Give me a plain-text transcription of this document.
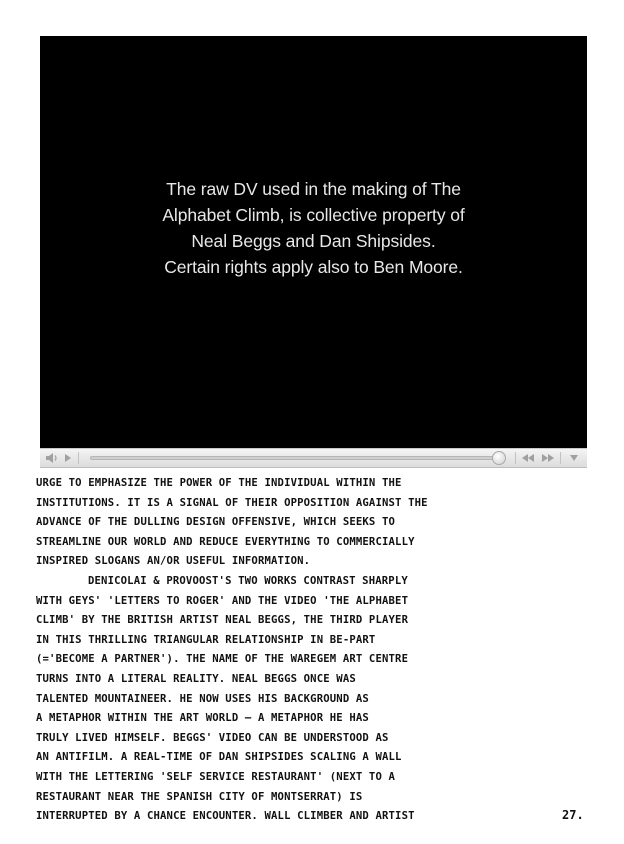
The raw DV used in the making of The
Alphabet Climb, is collective property of
Neal Beggs and Dan Shipsides.
Certain rights apply also to Ben Moore.
URGE TO EMPHASIZE THE POWER OF THE INDIVIDUAL WITHIN THE
INSTITUTIONS. IT IS A SIGNAL OF THEIR OPPOSITION AGAINST THE
ADVANCE OF THE DULLING DESIGN OFFENSIVE, WHICH SEEKS TO
STREAMLINE OUR WORLD AND REDUCE EVERYTHING TO COMMERCIALLY
INSPIRED SLOGANS AN/OR USEFUL INFORMATION.
DENICOLAI & PROVOOST'S TWO WORKS CONTRAST SHARPLY
WITH GEYS' 'LETTERS TO ROGER' AND THE VIDEO 'THE ALPHABET
CLIMB' BY THE BRITISH ARTIST NEAL BEGGS, THE THIRD PLAYER
IN THIS THRILLING TRIANGULAR RELATIONSHIP IN BE-PART
(='BECOME A PARTNER'). THE NAME OF THE WAREGEM ART CENTRE
TURNS INTO A LITERAL REALITY. NEAL BEGGS ONCE WAS
TALENTED MOUNTAINEER. HE NOW USES HIS BACKGROUND AS
A METAPHOR WITHIN THE ART WORLD — A METAPHOR HE HAS
TRULY LIVED HIMSELF. BEGGS' VIDEO CAN BE UNDERSTOOD AS
AN ANTIFILM. A REAL-TIME OF DAN SHIPSIDES SCALING A WALL
WITH THE LETTERING 'SELF SERVICE RESTAURANT' (NEXT TO A
RESTAURANT NEAR THE SPANISH CITY OF MONTSERRAT) IS
INTERRUPTED BY A CHANCE ENCOUNTER. WALL CLIMBER AND ARTIST	27.
